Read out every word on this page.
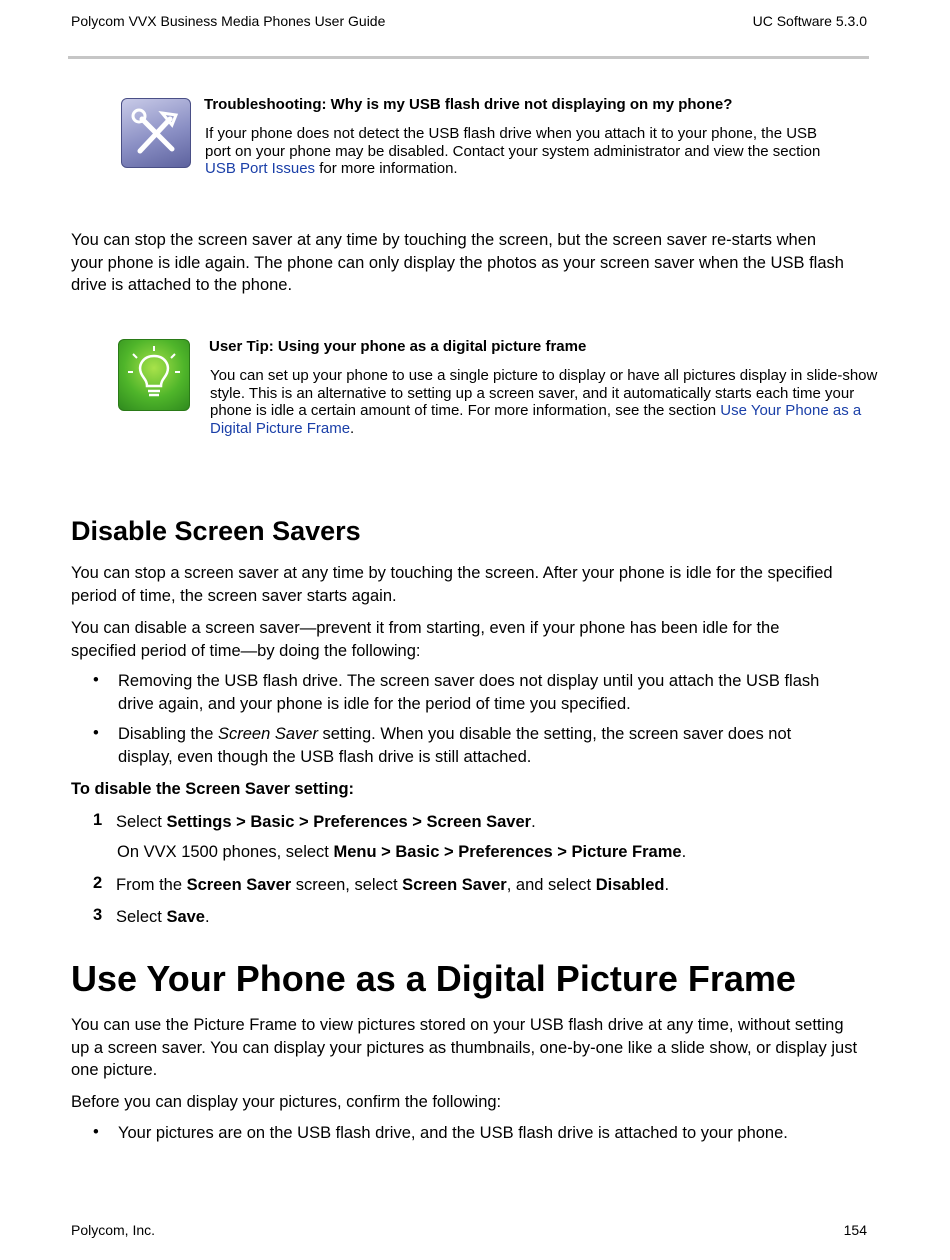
Polycom VVX Business Media Phones User Guide	UC Software 5.3.0
Troubleshooting: Why is my USB flash drive not displaying on my phone?
If your phone does not detect the USB flash drive when you attach it to your phone, the USB port on your phone may be disabled. Contact your system administrator and view the section USB Port Issues for more information.
You can stop the screen saver at any time by touching the screen, but the screen saver re-starts when your phone is idle again. The phone can only display the photos as your screen saver when the USB flash drive is attached to the phone.
User Tip: Using your phone as a digital picture frame
You can set up your phone to use a single picture to display or have all pictures display in slide-show style. This is an alternative to setting up a screen saver, and it automatically starts each time your phone is idle a certain amount of time. For more information, see the section Use Your Phone as a Digital Picture Frame.
Disable Screen Savers
You can stop a screen saver at any time by touching the screen. After your phone is idle for the specified period of time, the screen saver starts again.
You can disable a screen saver—prevent it from starting, even if your phone has been idle for the specified period of time—by doing the following:
• Removing the USB flash drive. The screen saver does not display until you attach the USB flash drive again, and your phone is idle for the period of time you specified.
• Disabling the Screen Saver setting. When you disable the setting, the screen saver does not display, even though the USB flash drive is still attached.
To disable the Screen Saver setting:
1 Select Settings > Basic > Preferences > Screen Saver.
On VVX 1500 phones, select Menu > Basic > Preferences > Picture Frame.
2 From the Screen Saver screen, select Screen Saver, and select Disabled.
3 Select Save.
Use Your Phone as a Digital Picture Frame
You can use the Picture Frame to view pictures stored on your USB flash drive at any time, without setting up a screen saver. You can display your pictures as thumbnails, one-by-one like a slide show, or display just one picture.
Before you can display your pictures, confirm the following:
• Your pictures are on the USB flash drive, and the USB flash drive is attached to your phone.
Polycom, Inc.	154
